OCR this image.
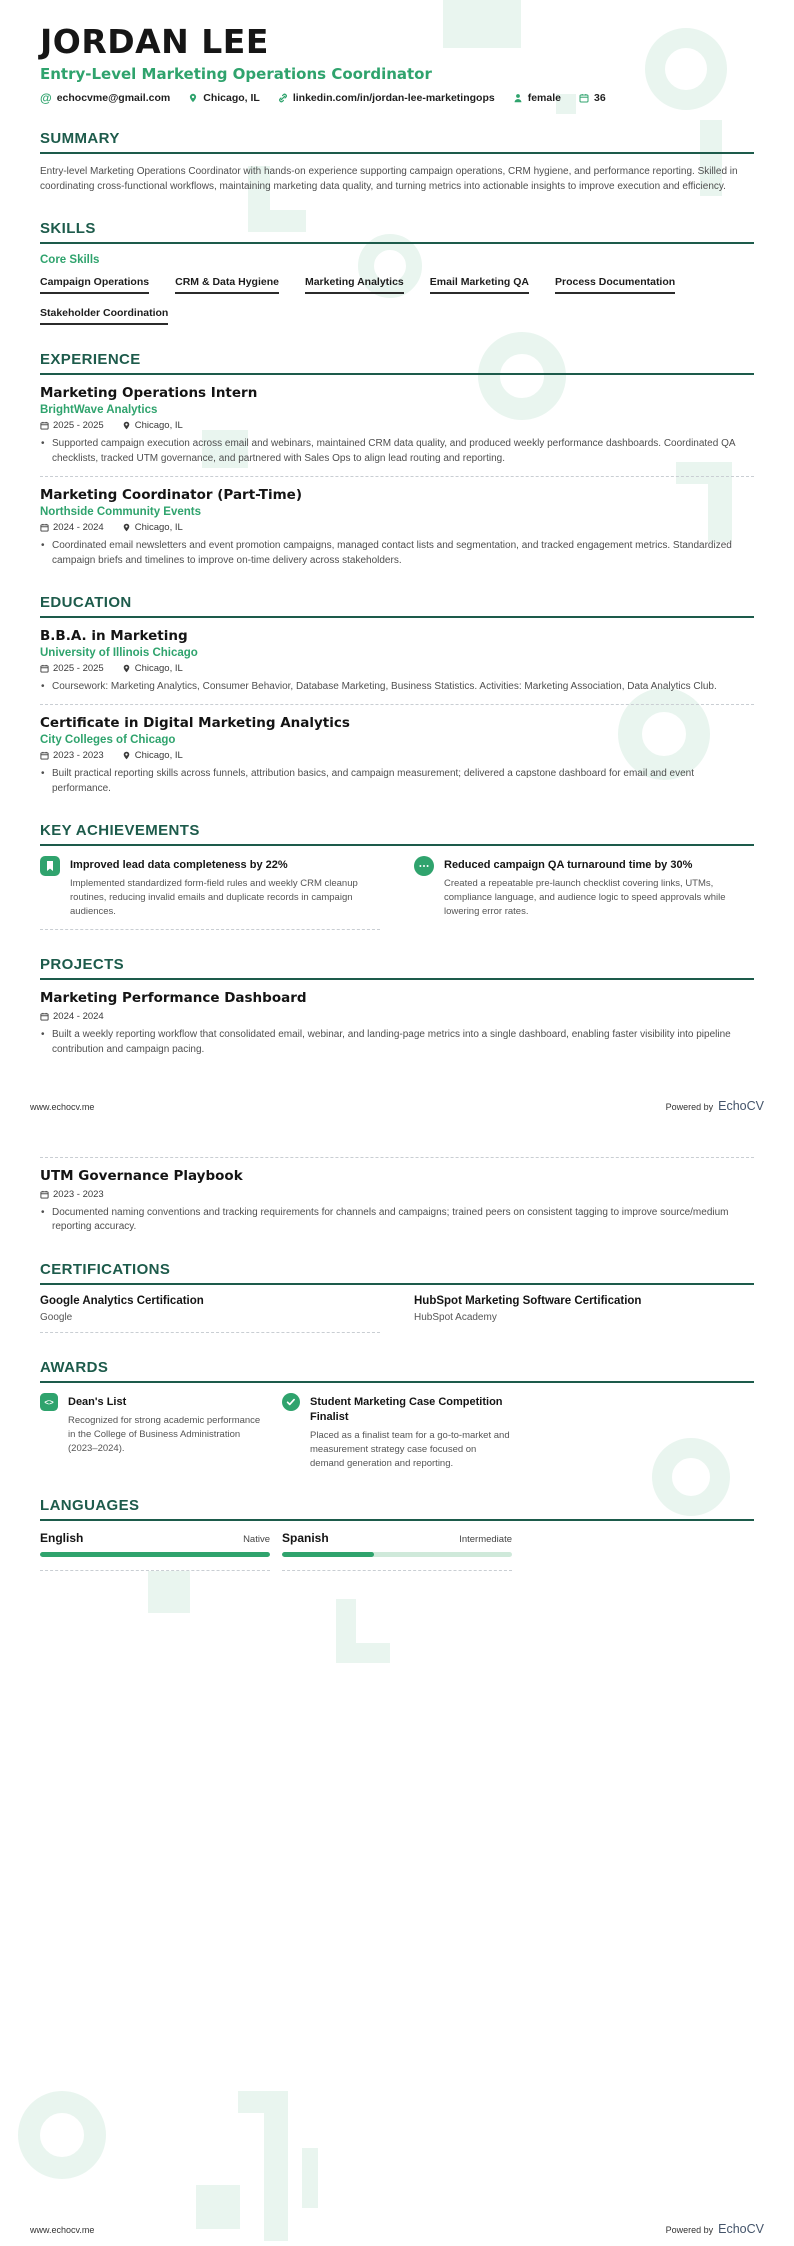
JORDAN LEE
Entry-Level Marketing Operations Coordinator
@ echocvme@gmail.com	Chicago, IL	linkedin.com/in/jordan-lee-marketingops	female	36
SUMMARY

Entry-level Marketing Operations Coordinator with hands-on experience supporting campaign operations, CRM hygiene, and performance reporting. Skilled in coordinating cross-functional workflows, maintaining marketing data quality, and turning metrics into actionable insights to improve execution and efficiency.

SKILLS
Core Skills
Campaign Operations CRM & Data Hygiene Marketing Analytics Email Marketing QA Process Documentation
Stakeholder Coordination
EXPERIENCE
Marketing Operations Intern
BrightWave Analytics
2025 - 2025	Chicago, IL

• Supported campaign execution across email and webinars, maintained CRM data quality, and produced weekly performance dashboards. Coordinated QA checklists, tracked UTM governance, and partnered with Sales Ops to align lead routing and reporting.

Marketing Coordinator (Part-Time)
Northside Community Events
2024 - 2024	Chicago, IL

• Coordinated email newsletters and event promotion campaigns, managed contact lists and segmentation, and tracked engagement metrics. Standardized campaign briefs and timelines to improve on-time delivery across stakeholders.

EDUCATION
B.B.A. in Marketing
University of Illinois Chicago
2025 - 2025	Chicago, IL

• Coursework: Marketing Analytics, Consumer Behavior, Database Marketing, Business Statistics. Activities: Marketing Association, Data Analytics Club.

Certificate in Digital Marketing Analytics
City Colleges of Chicago
2023 - 2023	Chicago, IL

• Built practical reporting skills across funnels, attribution basics, and campaign measurement; delivered a capstone dashboard for email and event performance.

KEY ACHIEVEMENTS
Improved lead data completeness by 22%
Implemented standardized form-field rules and weekly CRM cleanup routines, reducing invalid emails and duplicate records in campaign audiences.
Reduced campaign QA turnaround time by 30%
Created a repeatable pre-launch checklist covering links, UTMs, compliance language, and audience logic to speed approvals while lowering error rates.
PROJECTS
Marketing Performance Dashboard
2024 - 2024

• Built a weekly reporting workflow that consolidated email, webinar, and landing-page metrics into a single dashboard, enabling faster visibility into pipeline contribution and campaign pacing.

www.echocv.me	Powered by EchoCV
UTM Governance Playbook
2023 - 2023

• Documented naming conventions and tracking requirements for channels and campaigns; trained peers on consistent tagging to improve source/medium reporting accuracy.

CERTIFICATIONS
Google Analytics Certification
Google
HubSpot Marketing Software Certification
HubSpot Academy
AWARDS
<> Dean's List
Recognized for strong academic performance in the College of Business Administration (2023–2024).
Student Marketing Case Competition Finalist
Placed as a finalist team for a go-to-market and measurement strategy case focused on demand generation and reporting.
LANGUAGES
English	Native Spanish	Intermediate
www.echocv.me	Powered by EchoCV
